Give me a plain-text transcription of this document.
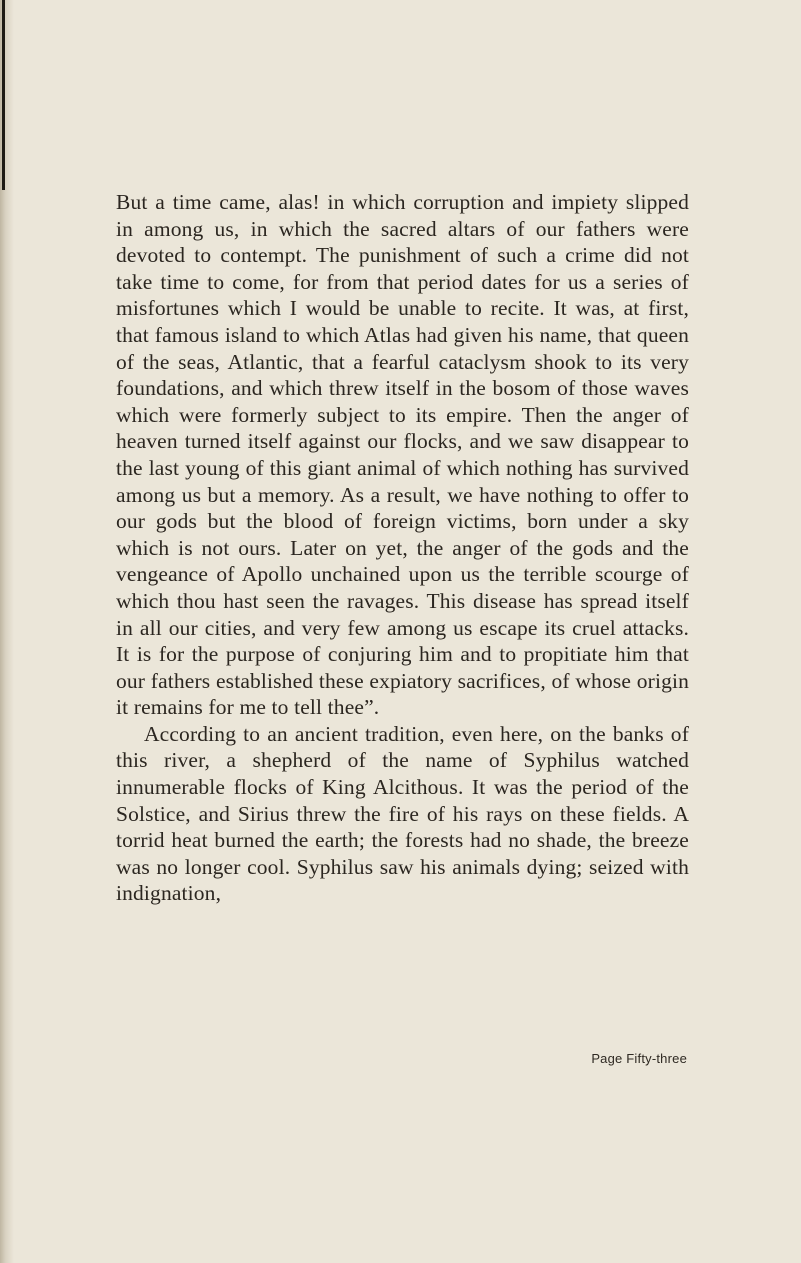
But a time came, alas! in which corruption and impiety slipped in among us, in which the sacred altars of our fathers were devoted to contempt. The punishment of such a crime did not take time to come, for from that period dates for us a series of misfortunes which I would be unable to recite. It was, at first, that famous island to which Atlas had given his name, that queen of the seas, Atlantic, that a fearful cataclysm shook to its very foundations, and which threw itself in the bosom of those waves which were formerly subject to its empire. Then the anger of heaven turned itself against our flocks, and we saw disappear to the last young of this giant animal of which nothing has survived among us but a memory. As a result, we have nothing to offer to our gods but the blood of foreign victims, born under a sky which is not ours. Later on yet, the anger of the gods and the vengeance of Apollo unchained upon us the terrible scourge of which thou hast seen the ravages. This disease has spread itself in all our cities, and very few among us escape its cruel attacks. It is for the purpose of conjuring him and to propitiate him that our fathers established these expiatory sacrifices, of whose origin it remains for me to tell thee”.

According to an ancient tradition, even here, on the banks of this river, a shepherd of the name of Syphilus watched innumerable flocks of King Alcithous. It was the period of the Solstice, and Sirius threw the fire of his rays on these fields. A torrid heat burned the earth; the forests had no shade, the breeze was no longer cool. Syphilus saw his animals dying; seized with indignation,

Page Fifty-three
